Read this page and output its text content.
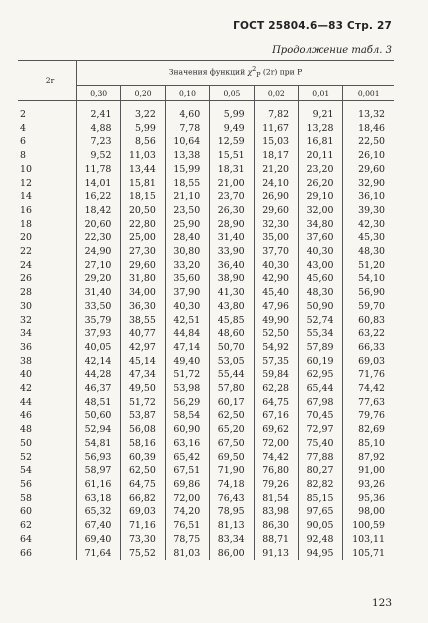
ГОСТ 25804.6—83 Стр. 27
Продолжение табл. 3
2r	Значения функций $\chi^2_P$ (2r) при P						
	0,30	0,20	0,10	0,05	0,02	0,01	0,001
2	2,41	3,22	4,60	5,99	7,82	9,21	13,32
4	4,88	5,99	7,78	9,49	11,67	13,28	18,46
6	7,23	8,56	10,64	12,59	15,03	16,81	22,50
8	9,52	11,03	13,38	15,51	18,17	20,11	26,10
10	11,78	13,44	15,99	18,31	21,20	23,20	29,60
12	14,01	15,81	18,55	21,00	24,10	26,20	32,90
14	16,22	18,15	21,10	23,70	26,90	29,10	36,10
16	18,42	20,50	23,50	26,30	29,60	32,00	39,30
18	20,60	22,80	25,90	28,90	32,30	34,80	42,30
20	22,30	25,00	28,40	31,40	35,00	37,60	45,30
22	24,90	27,30	30,80	33,90	37,70	40,30	48,30
24	27,10	29,60	33,20	36,40	40,30	43,00	51,20
26	29,20	31,80	35,60	38,90	42,90	45,60	54,10
28	31,40	34,00	37,90	41,30	45,40	48,30	56,90
30	33,50	36,30	40,30	43,80	47,96	50,90	59,70
32	35,79	38,55	42,51	45,85	49,90	52,74	60,83
34	37,93	40,77	44,84	48,60	52,50	55,34	63,22
36	40,05	42,97	47,14	50,70	54,92	57,89	66,33
38	42,14	45,14	49,40	53,05	57,35	60,19	69,03
40	44,28	47,34	51,72	55,44	59,84	62,95	71,76
42	46,37	49,50	53,98	57,80	62,28	65,44	74,42
44	48,51	51,72	56,29	60,17	64,75	67,98	77,63
46	50,60	53,87	58,54	62,50	67,16	70,45	79,76
48	52,94	56,08	60,90	65,20	69,62	72,97	82,69
50	54,81	58,16	63,16	67,50	72,00	75,40	85,10
52	56,93	60,39	65,42	69,50	74,42	77,88	87,92
54	58,97	62,50	67,51	71,90	76,80	80,27	91,00
56	61,16	64,75	69,86	74,18	79,26	82,82	93,26
58	63,18	66,82	72,00	76,43	81,54	85,15	95,36
60	65,32	69,03	74,20	78,95	83,98	97,65	98,00
62	67,40	71,16	76,51	81,13	86,30	90,05	100,59
64	69,40	73,30	78,75	83,34	88,71	92,48	103,11
66	71,64	75,52	81,03	86,00	91,13	94,95	105,71
123
